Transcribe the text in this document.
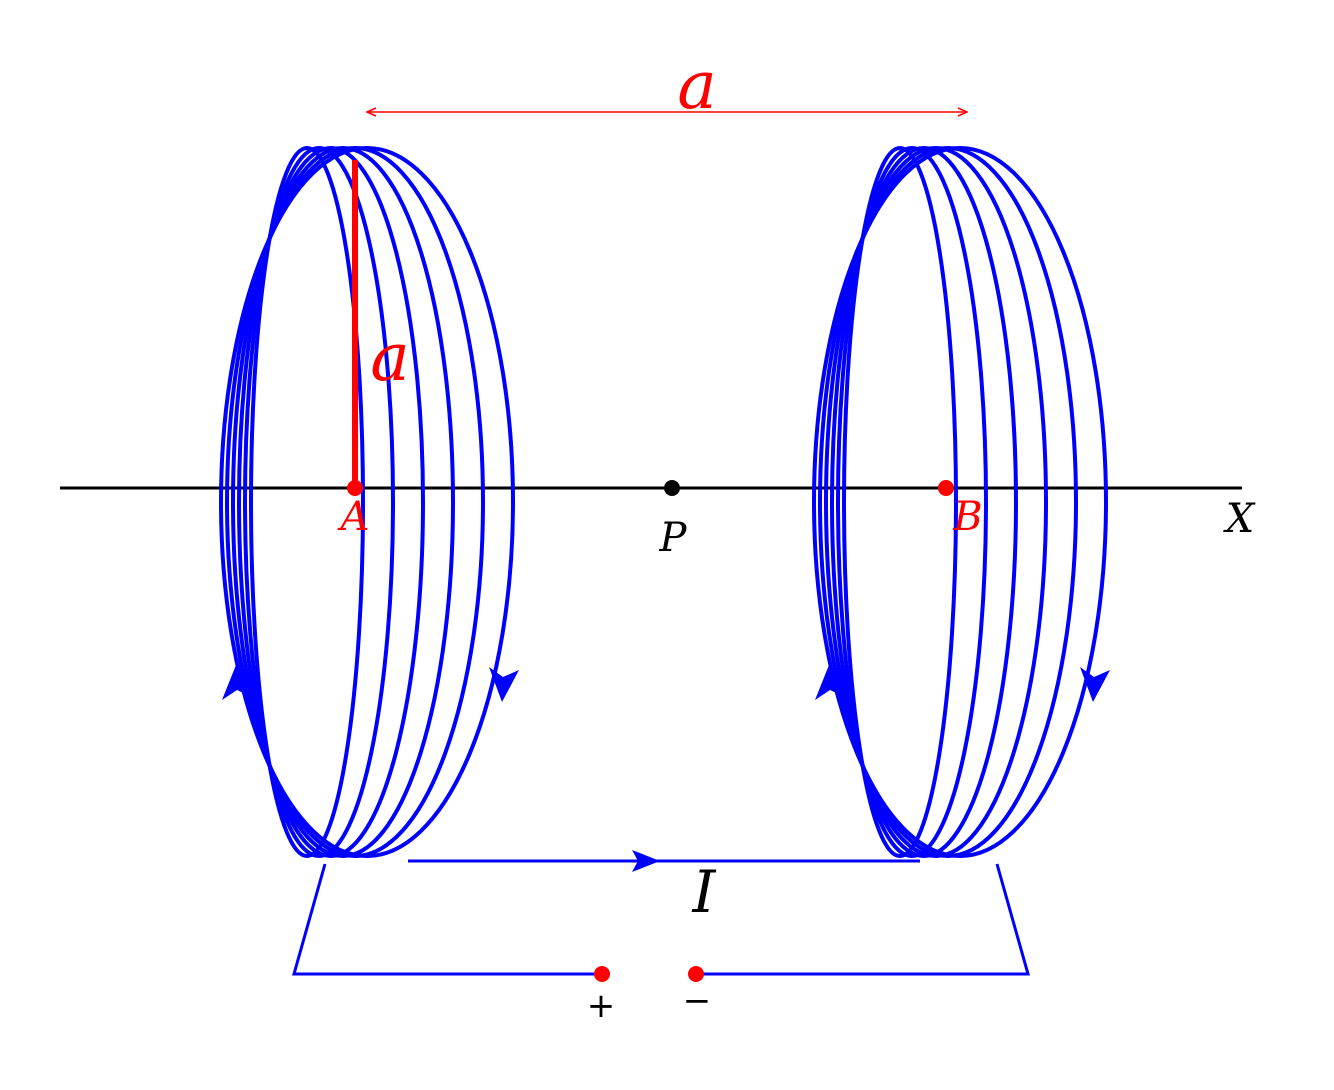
a
a
A	B
P	X
I
+ −
